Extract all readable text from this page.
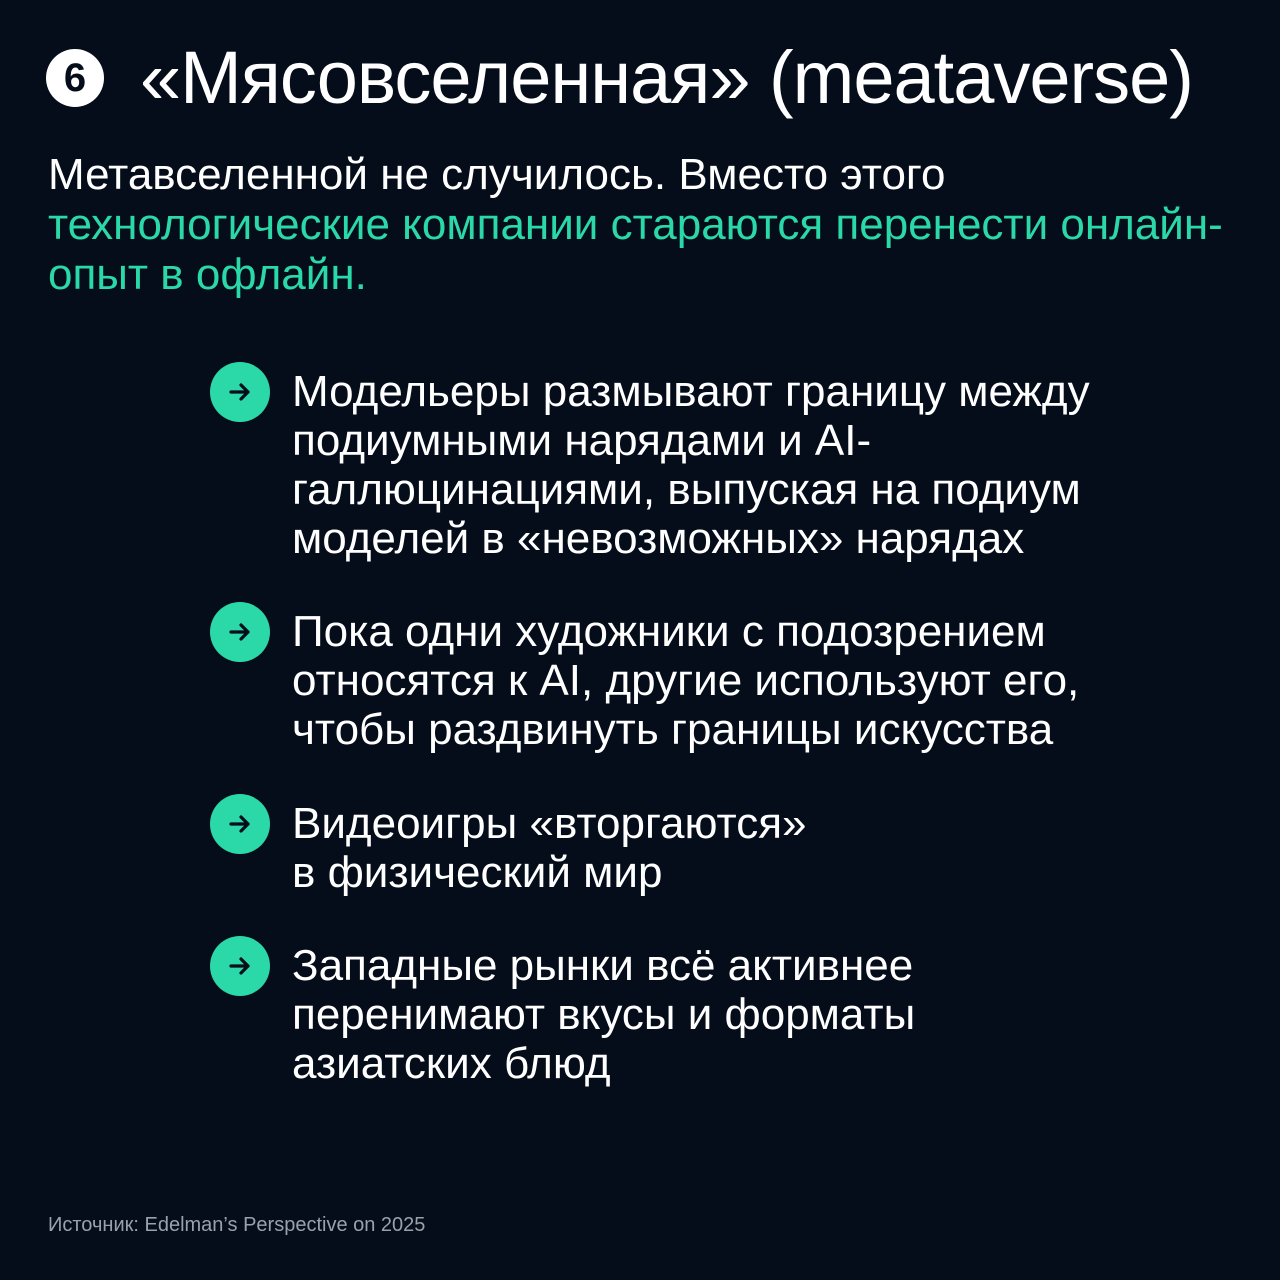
6 «Мясовселенная» (meataverse)

Метавселенной не случилось. Вместо этого технологические компании стараются перенести онлайн-опыт в офлайн.

Модельеры размывают границу между
подиумными нарядами и AI-
галлюцинациями, выпуская на подиум
моделей в «невозможных» нарядах
Пока одни художники с подозрением
относятся к AI, другие используют его,
чтобы раздвинуть границы искусства
Видеоигры «вторгаются»
в физический мир
Западные рынки всё активнее
перенимают вкусы и форматы
азиатских блюд
Источник: Edelman’s Perspective on 2025
